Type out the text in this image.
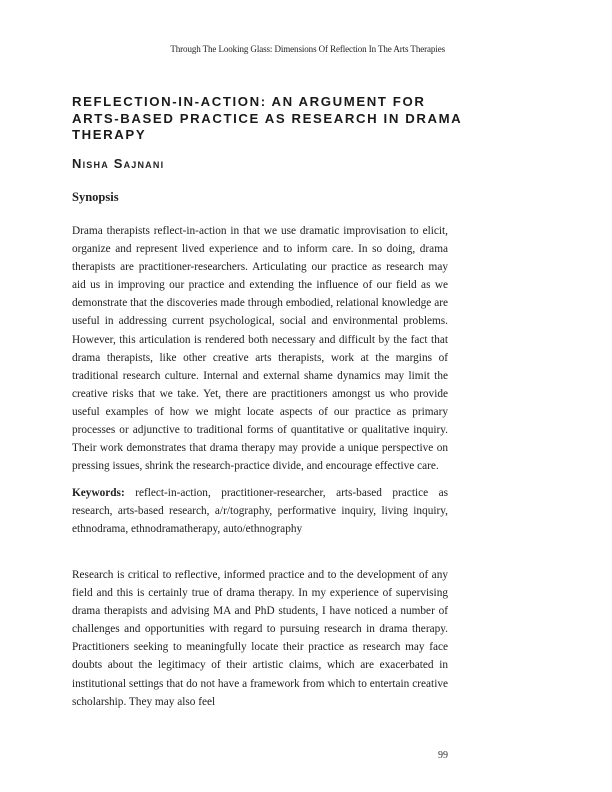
Through The Looking Glass: Dimensions Of Reflection In The Arts Therapies
REFLECTION-IN-ACTION: AN ARGUMENT FOR ARTS-BASED PRACTICE AS RESEARCH IN DRAMA THERAPY
Nisha Sajnani
Synopsis

Drama therapists reflect-in-action in that we use dramatic improvisation to elicit, organize and represent lived experience and to inform care. In so doing, drama therapists are practitioner-researchers. Articulating our practice as research may aid us in improving our practice and extending the influence of our field as we demonstrate that the discoveries made through embodied, relational knowledge are useful in addressing current psychological, social and environmental problems. However, this articulation is rendered both necessary and difficult by the fact that drama therapists, like other creative arts therapists, work at the margins of traditional research culture. Internal and external shame dynamics may limit the creative risks that we take. Yet, there are practitioners amongst us who provide useful examples of how we might locate aspects of our practice as primary processes or adjunctive to traditional forms of quantitative or qualitative inquiry. Their work demonstrates that drama therapy may provide a unique perspective on pressing issues, shrink the research-practice divide, and encourage effective care.

Keywords: reflect-in-action, practitioner-researcher, arts-based practice as research, arts-based research, a/r/tography, performative inquiry, living inquiry, ethnodrama, ethnodramatherapy, auto/ethnography

Research is critical to reflective, informed practice and to the development of any field and this is certainly true of drama therapy. In my experience of supervising drama therapists and advising MA and PhD students, I have noticed a number of challenges and opportunities with regard to pursuing research in drama therapy. Practitioners seeking to meaningfully locate their practice as research may face doubts about the legitimacy of their artistic claims, which are exacerbated in institutional settings that do not have a framework from which to entertain creative scholarship. They may also feel

99
